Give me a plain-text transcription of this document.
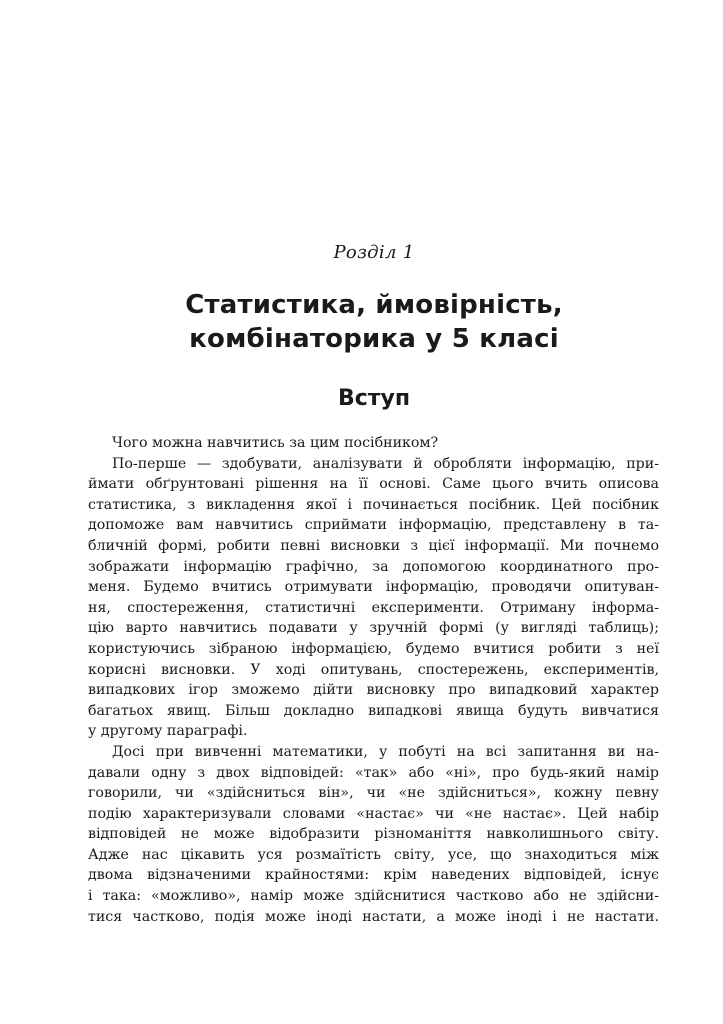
Розділ 1
Статистика, ймовірність,
комбінаторика у 5 класі
Вступ
Чого можна навчитись за цим посібником?
По-перше — здобувати, аналізувати й обробляти інформацію, при-
ймати обґрунтовані рішення на її основі. Саме цього вчить описова
статистика, з викладення якої і починається посібник. Цей посібник
допоможе вам навчитись сприймати інформацію, представлену в та-
бличній формі, робити певні висновки з цієї інформації. Ми почнемо
зображати інформацію графічно, за допомогою координатного про-
меня. Будемо вчитись отримувати інформацію, проводячи опитуван-
ня, спостереження, статистичні експерименти. Отриману інформа-
цію варто навчитись подавати у зручній формі (у вигляді таблиць);
користуючись зібраною інформацією, будемо вчитися робити з неї
корисні висновки. У ході опитувань, спостережень, експериментів,
випадкових ігор зможемо дійти висновку про випадковий характер
багатьох явищ. Більш докладно випадкові явища будуть вивчатися
у другому параграфі.
Досі при вивченні математики, у побуті на всі запитання ви на-
давали одну з двох відповідей: «так» або «ні», про будь-який намір
говорили, чи «здійсниться він», чи «не здійсниться», кожну певну
подію характеризували словами «настає» чи «не настає». Цей набір
відповідей не може відобразити різноманіття навколишнього світу.
Адже нас цікавить уся розмаїтість світу, усе, що знаходиться між
двома відзначеними крайностями: крім наведених відповідей, існує
і така: «можливо», намір може здійснитися частково або не здійсни-
тися частково, подія може іноді настати, а може іноді і не настати.
